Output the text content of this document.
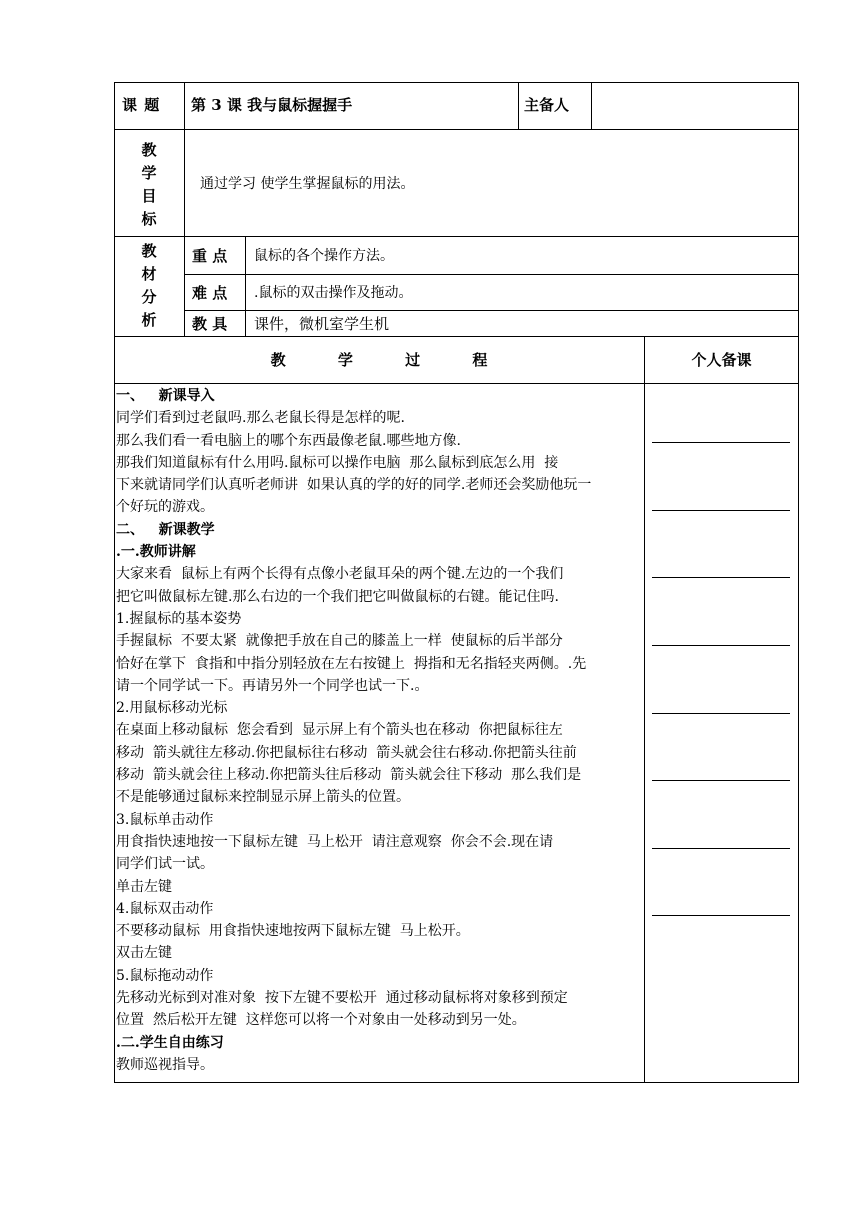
课 题 第 3 课 我与鼠标握握手	主备人
教
学
目
标
通过学习 使学生掌握鼠标的用法。
教
材
分
析
重 点 鼠标的各个操作方法。
难 点 .鼠标的双击操作及拖动。
教 具 课件，微机室学生机
教          学          过          程	个人备课
一、   新课导入
同学们看到过老鼠吗.那么老鼠长得是怎样的呢.
那么我们看一看电脑上的哪个东西最像老鼠.哪些地方像.
那我们知道鼠标有什么用吗.鼠标可以操作电脑  那么鼠标到底怎么用  接
下来就请同学们认真听老师讲  如果认真的学的好的同学.老师还会奖励他玩一
个好玩的游戏。
二、   新课教学
.一.教师讲解
大家来看  鼠标上有两个长得有点像小老鼠耳朵的两个键.左边的一个我们
把它叫做鼠标左键.那么右边的一个我们把它叫做鼠标的右键。能记住吗.
1.握鼠标的基本姿势
手握鼠标  不要太紧  就像把手放在自己的膝盖上一样  使鼠标的后半部分
恰好在掌下  食指和中指分别轻放在左右按键上  拇指和无名指轻夹两侧。.先
请一个同学试一下。再请另外一个同学也试一下.。
2.用鼠标移动光标
在桌面上移动鼠标  您会看到  显示屏上有个箭头也在移动  你把鼠标往左
移动  箭头就往左移动.你把鼠标往右移动  箭头就会往右移动.你把箭头往前
移动  箭头就会往上移动.你把箭头往后移动  箭头就会往下移动  那么我们是
不是能够通过鼠标来控制显示屏上箭头的位置。
3.鼠标单击动作
用食指快速地按一下鼠标左键  马上松开  请注意观察  你会不会.现在请
同学们试一试。
单击左键
4.鼠标双击动作
不要移动鼠标  用食指快速地按两下鼠标左键  马上松开。
双击左键
5.鼠标拖动动作
先移动光标到对准对象  按下左键不要松开  通过移动鼠标将对象移到预定
位置  然后松开左键  这样您可以将一个对象由一处移动到另一处。
.二.学生自由练习
教师巡视指导。
